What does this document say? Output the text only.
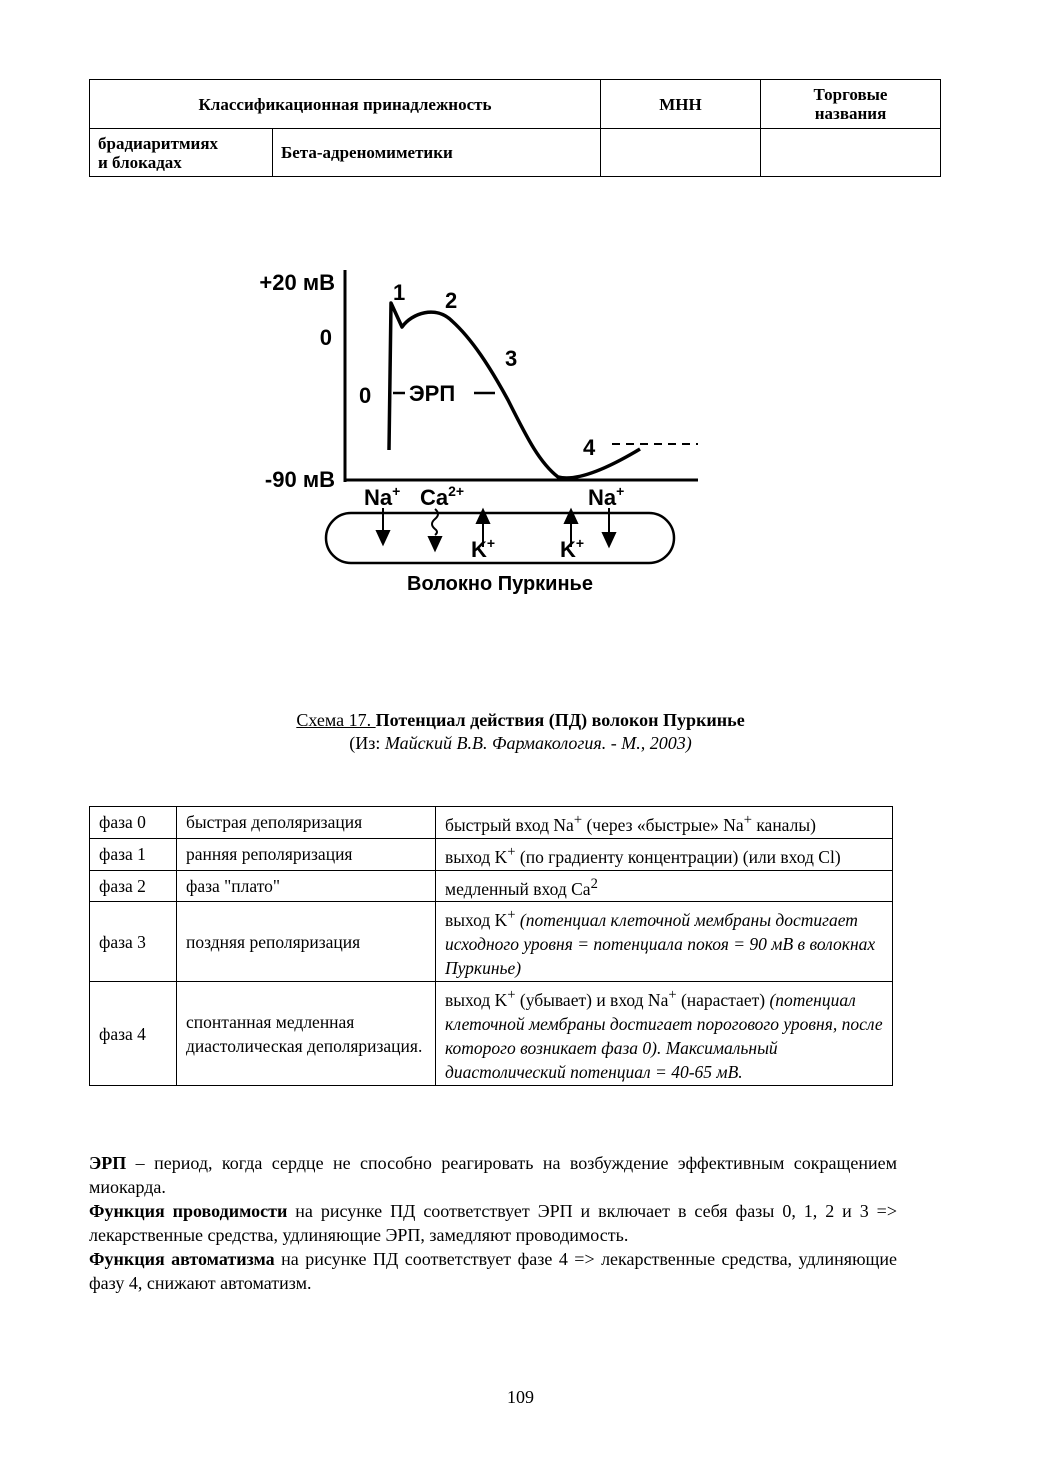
Классификационная принадлежность		МНН	Торговые
названия
брадиаритмиях
и блокадах	Бета-адреномиметики		
+20 мВ
0
-90 мВ
0
1 2
3
4
ЭРП
Na+ $Ca^{2+}$	Na+
K+	K+
Волокно Пуркинье
Схема 17. Потенциал действия (ПД) волокон Пуркинье
(Из: Майский В.В. Фармакология. - М., 2003)
фаза 0	быстрая деполяризация	быстрый вход Na+ (через «быстрые» Na+ каналы)
фаза 1	ранняя реполяризация	выход K+ (по градиенту концентрации) (или вход Cl)
фаза 2	фаза "плато"	медленный вход Ca$^2$
фаза 3	поздняя реполяризация	выход K+ (потенциал клеточной мембраны достигает исходного уровня = потенциала покоя = 90 мВ в волокнах Пуркинье)
фаза 4	спонтанная медленная диастолическая деполяризация.	выход K+ (убывает) и вход Na+ (нарастает) (потенциал клеточной мембраны достигает порогового уровня, после которого возникает фаза 0). Максимальный диастолический потенциал = 40-65 мВ.

ЭРП – период, когда сердце не способно реагировать на возбуждение эффективным сокращением миокарда.

Функция проводимости на рисунке ПД соответствует ЭРП и включает в себя фазы 0, 1, 2 и 3 => лекарственные средства, удлиняющие ЭРП, замедляют проводимость.

Функция автоматизма на рисунке ПД соответствует фазе 4 => лекарственные средства, удлиняющие фазу 4, снижают автоматизм.

109
